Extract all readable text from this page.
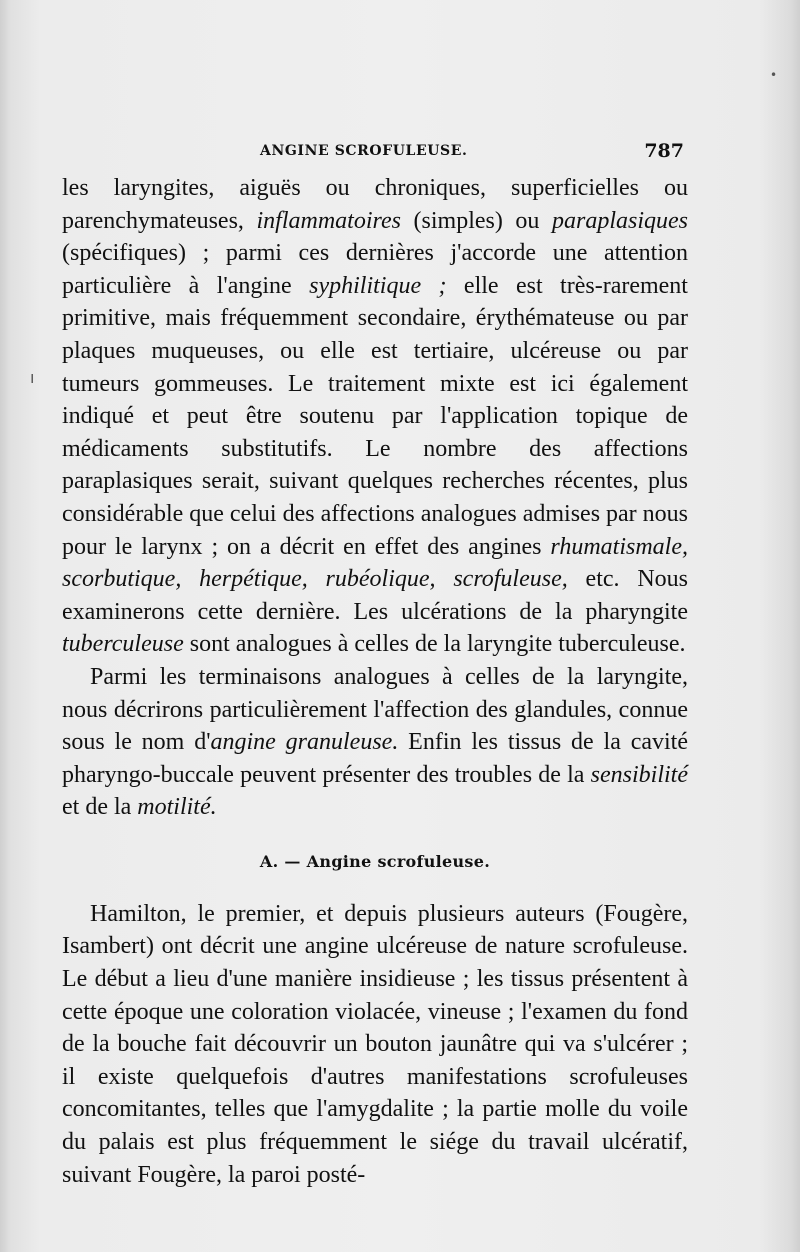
ı
•
ANGINE SCROFULEUSE.	787

les laryngites, aiguës ou chroniques, superficielles ou parenchymateuses, inflammatoires (simples) ou paraplasiques (spécifiques) ; parmi ces dernières j'accorde une attention particulière à l'angine syphilitique ; elle est très-rarement primitive, mais fréquemment secondaire, érythémateuse ou par plaques muqueuses, ou elle est tertiaire, ulcéreuse ou par tumeurs gommeuses. Le traitement mixte est ici également indiqué et peut être soutenu par l'application topique de médicaments substitutifs. Le nombre des affections paraplasiques serait, suivant quelques recherches récentes, plus considérable que celui des affections analogues admises par nous pour le larynx ; on a décrit en effet des angines rhumatismale, scorbutique, herpétique, rubéolique, scrofuleuse, etc. Nous examinerons cette dernière. Les ulcérations de la pharyngite tuberculeuse sont analogues à celles de la laryngite tuberculeuse.

Parmi les terminaisons analogues à celles de la laryngite, nous décrirons particulièrement l'affection des glandules, connue sous le nom d'angine granuleuse. Enfin les tissus de la cavité pharyngo-buccale peuvent présenter des troubles de la sensibilité et de la motilité.

A. — Angine scrofuleuse.

Hamilton, le premier, et depuis plusieurs auteurs (Fougère, Isambert) ont décrit une angine ulcéreuse de nature scrofuleuse. Le début a lieu d'une manière insidieuse ; les tissus présentent à cette époque une coloration violacée, vineuse ; l'examen du fond de la bouche fait découvrir un bouton jaunâtre qui va s'ulcérer ; il existe quelquefois d'autres manifestations scrofuleuses concomitantes, telles que l'amygdalite ; la partie molle du voile du palais est plus fréquemment le siége du travail ulcératif, suivant Fougère, la paroi posté-
